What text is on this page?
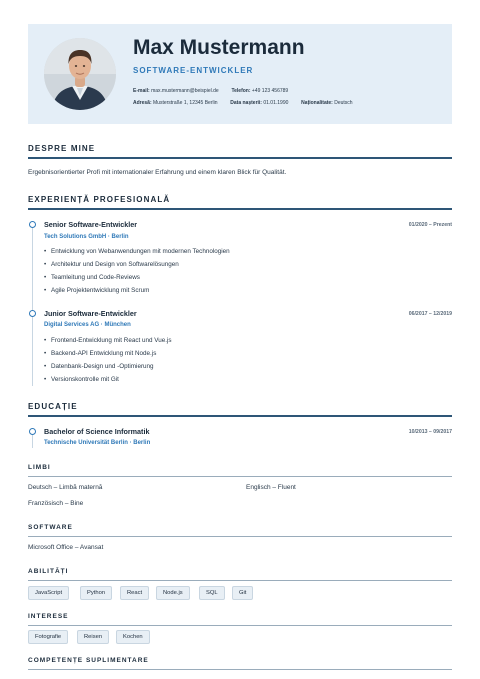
Max Mustermann
SOFTWARE-ENTWICKLER
E-mail: max.mustermann@beispiel.de	Telefon: +49 123 456789
Adresă: Musterstraße 1, 12345 Berlin	Data nașterii: 01.01.1990	Naționalitate: Deutsch
DESPRE MINE
Ergebnisorientierter Profi mit internationaler Erfahrung und einem klaren Blick für Qualität.
EXPERIENȚĂ PROFESIONALĂ
Senior Software-Entwickler	01/2020 – Prezent
Tech Solutions GmbH · Berlin
• Entwicklung von Webanwendungen mit modernen Technologien
• Architektur und Design von Softwarelösungen
• Teamleitung und Code-Reviews
• Agile Projektentwicklung mit Scrum
Junior Software-Entwickler	06/2017 – 12/2019
Digital Services AG · München
• Frontend-Entwicklung mit React und Vue.js
• Backend-API Entwicklung mit Node.js
• Datenbank-Design und -Optimierung
• Versionskontrolle mit Git
EDUCAȚIE
Bachelor of Science Informatik	10/2013 – 09/2017
Technische Universität Berlin · Berlin
LIMBI
Deutsch – Limbă maternă	Englisch – Fluent
Französisch – Bine
SOFTWARE
Microsoft Office – Avansat
ABILITĂȚI
JavaScript	Python	React	Node.js	SQL	Git
INTERESE
Fotografie	Reisen	Kochen
COMPETENȚE SUPLIMENTARE
